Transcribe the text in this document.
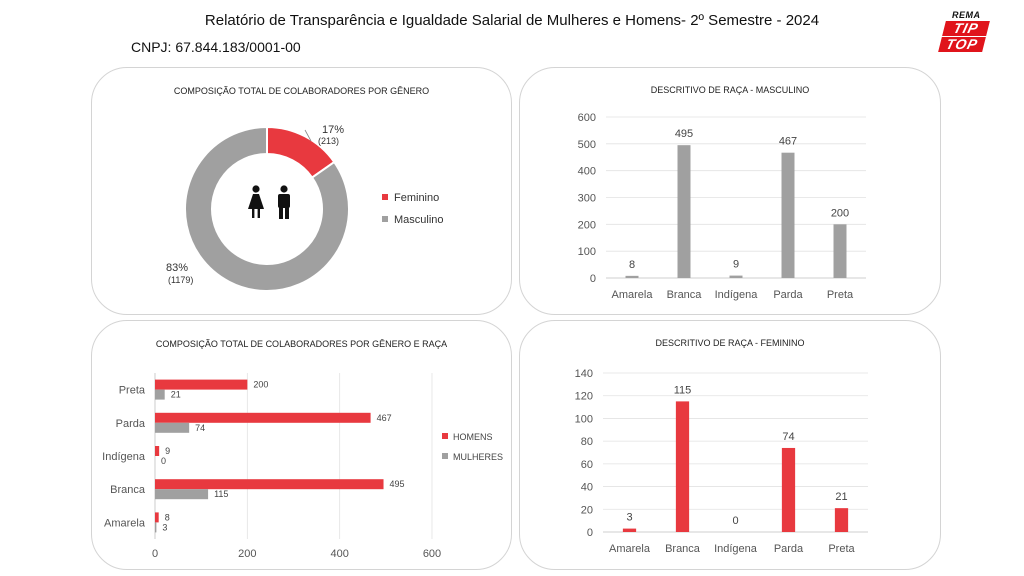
Relatório de Transparência e Igualdade Salarial de Mulheres e Homens- 2º Semestre - 2024
CNPJ: 67.844.183/0001-00
REMA
TIP
TOP
COMPOSIÇÃO TOTAL DE COLABORADORES POR GÊNERO
17%
(213)
83%
(1179)
Feminino
Masculino
DESCRITIVO DE RAÇA - MASCULINO
0
100
200
300
400
500
600
8
Amarela
495
Branca
9
Indígena
467
Parda
200
Preta
COMPOSIÇÃO TOTAL DE COLABORADORES POR GÊNERO E RAÇA
0	200	400	600
Amarela 8
3
Branca	495
115
Indígena 9
0
Parda	467
74
Preta	200
21
HOMENS
MULHERES
DESCRITIVO DE RAÇA - FEMININO
0
20
40
60
80
100
120
140
3
Amarela
115
Branca
0
Indígena
74
Parda
21
Preta
